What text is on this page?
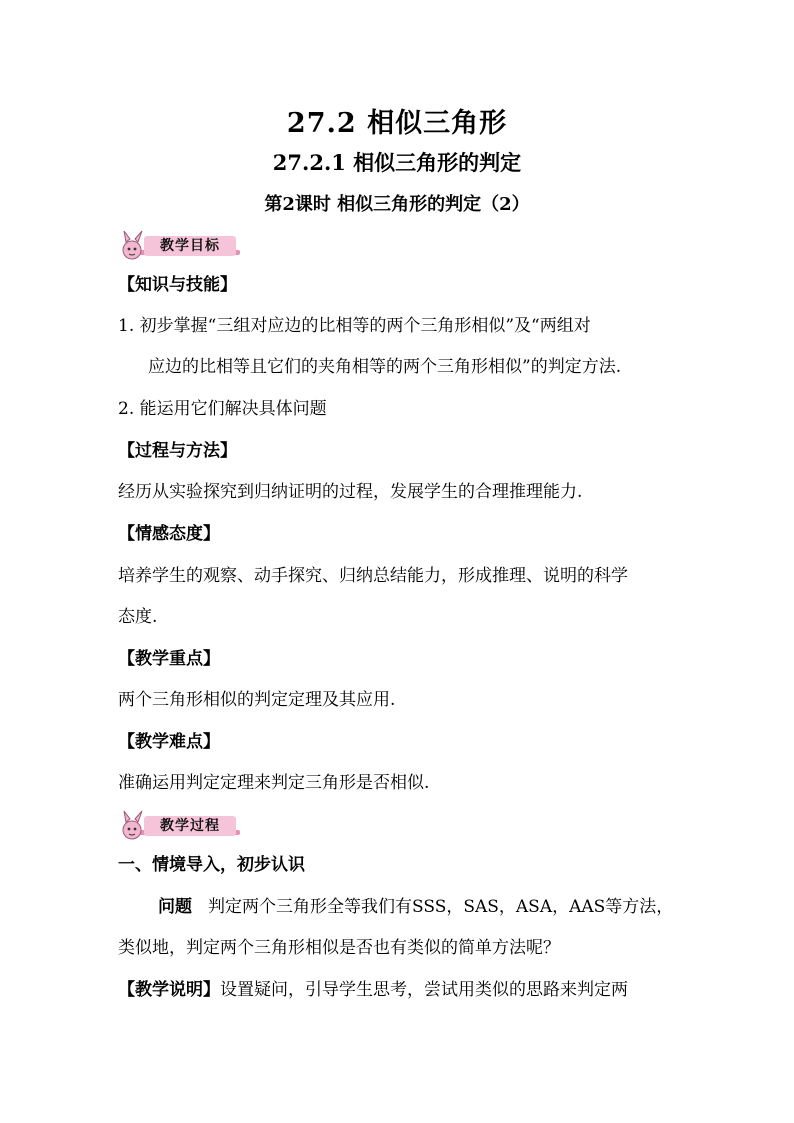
27.2 相似三角形
27.2.1 相似三角形的判定
第2课时 相似三角形的判定（2）
教学目标
【知识与技能】
1. 初步掌握“三组对应边的比相等的两个三角形相似”及“两组对
应边的比相等且它们的夹角相等的两个三角形相似”的判定方法.
2. 能运用它们解决具体问题
【过程与方法】
经历从实验探究到归纳证明的过程，发展学生的合理推理能力.
【情感态度】
培养学生的观察、动手探究、归纳总结能力，形成推理、说明的科学
态度.
【教学重点】
两个三角形相似的判定定理及其应用.
【教学难点】
准确运用判定定理来判定三角形是否相似.
教学过程
一、情境导入，初步认识
问题 判定两个三角形全等我们有SSS，SAS，ASA，AAS等方法，
类似地，判定两个三角形相似是否也有类似的简单方法呢？
【教学说明】设置疑问，引导学生思考，尝试用类似的思路来判定两
